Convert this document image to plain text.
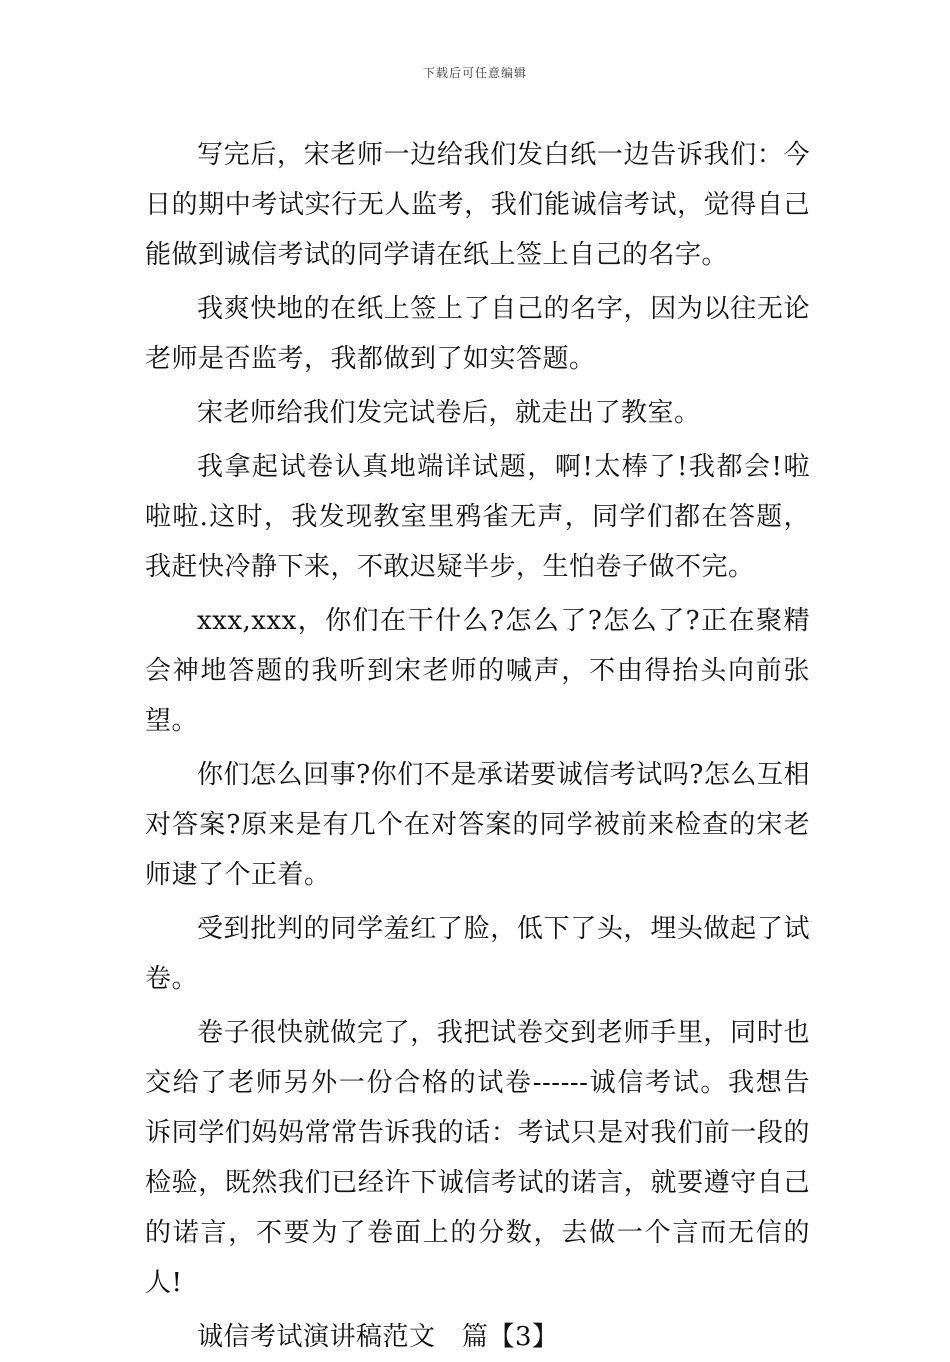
下载后可任意编辑

写完后，宋老师一边给我们发白纸一边告诉我们：今日的期中考试实行无人监考，我们能诚信考试，觉得自己能做到诚信考试的同学请在纸上签上自己的名字。

我爽快地的在纸上签上了自己的名字，因为以往无论老师是否监考，我都做到了如实答题。

宋老师给我们发完试卷后，就走出了教室。

我拿起试卷认真地端详试题，啊!太棒了!我都会!啦啦啦.这时，我发现教室里鸦雀无声，同学们都在答题，我赶快冷静下来，不敢迟疑半步，生怕卷子做不完。

xxx,xxx，你们在干什么?怎么了?怎么了?正在聚精会神地答题的我听到宋老师的喊声，不由得抬头向前张望。

你们怎么回事?你们不是承诺要诚信考试吗?怎么互相对答案?原来是有几个在对答案的同学被前来检查的宋老师逮了个正着。

受到批判的同学羞红了脸，低下了头，埋头做起了试卷。

卷子很快就做完了，我把试卷交到老师手里，同时也交给了老师另外一份合格的试卷------诚信考试。我想告诉同学们妈妈常常告诉我的话：考试只是对我们前一段的检验，既然我们已经许下诚信考试的诺言，就要遵守自己的诺言，不要为了卷面上的分数，去做一个言而无信的人!

诚信考试演讲稿范文　篇【3】
